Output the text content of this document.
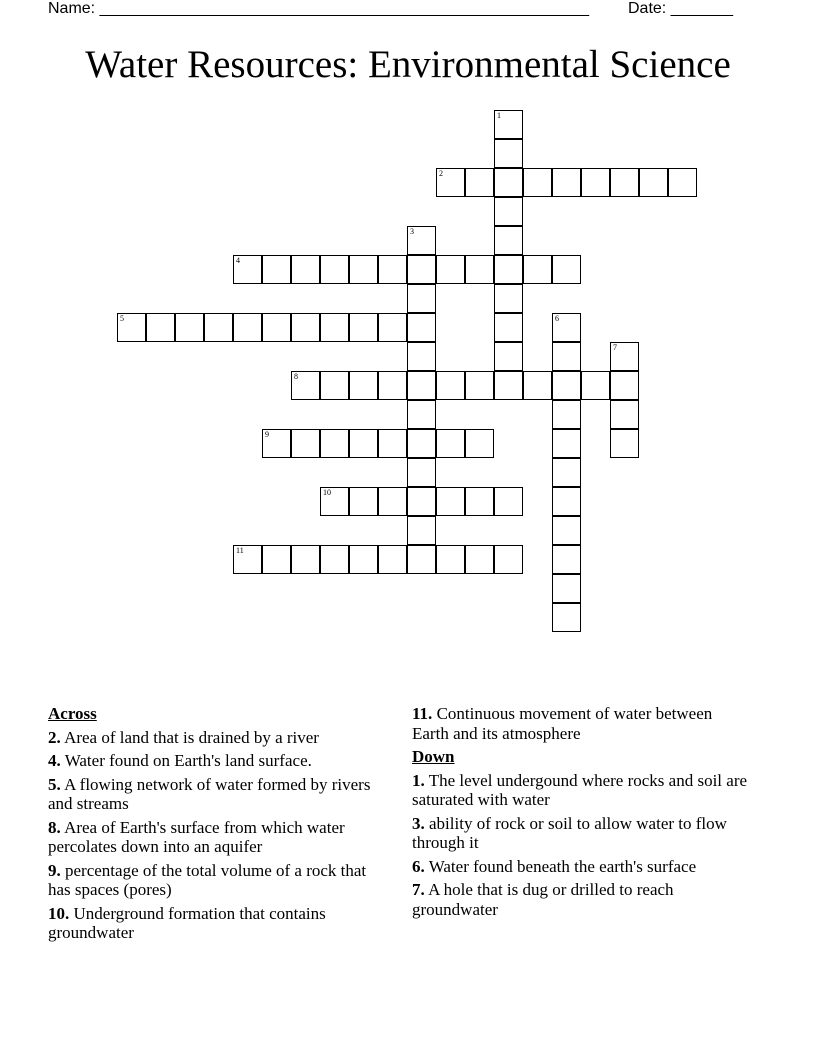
Name: _______________________________________________________ Date: _______
Water Resources: Environmental Science
1
2
3
4
5	6
7
8
9
10
11
Across
2. Area of land that is drained by a river
4. Water found on Earth's land surface.
5. A flowing network of water formed by rivers and streams
8. Area of Earth's surface from which water percolates down into an aquifer
9. percentage of the total volume of a rock that has spaces (pores)
10. Underground formation that contains groundwater
11. Continuous movement of water between Earth and its atmosphere
Down
1. The level undergound where rocks and soil are saturated with water
3. ability of rock or soil to allow water to flow through it
6. Water found beneath the earth's surface
7. A hole that is dug or drilled to reach groundwater
